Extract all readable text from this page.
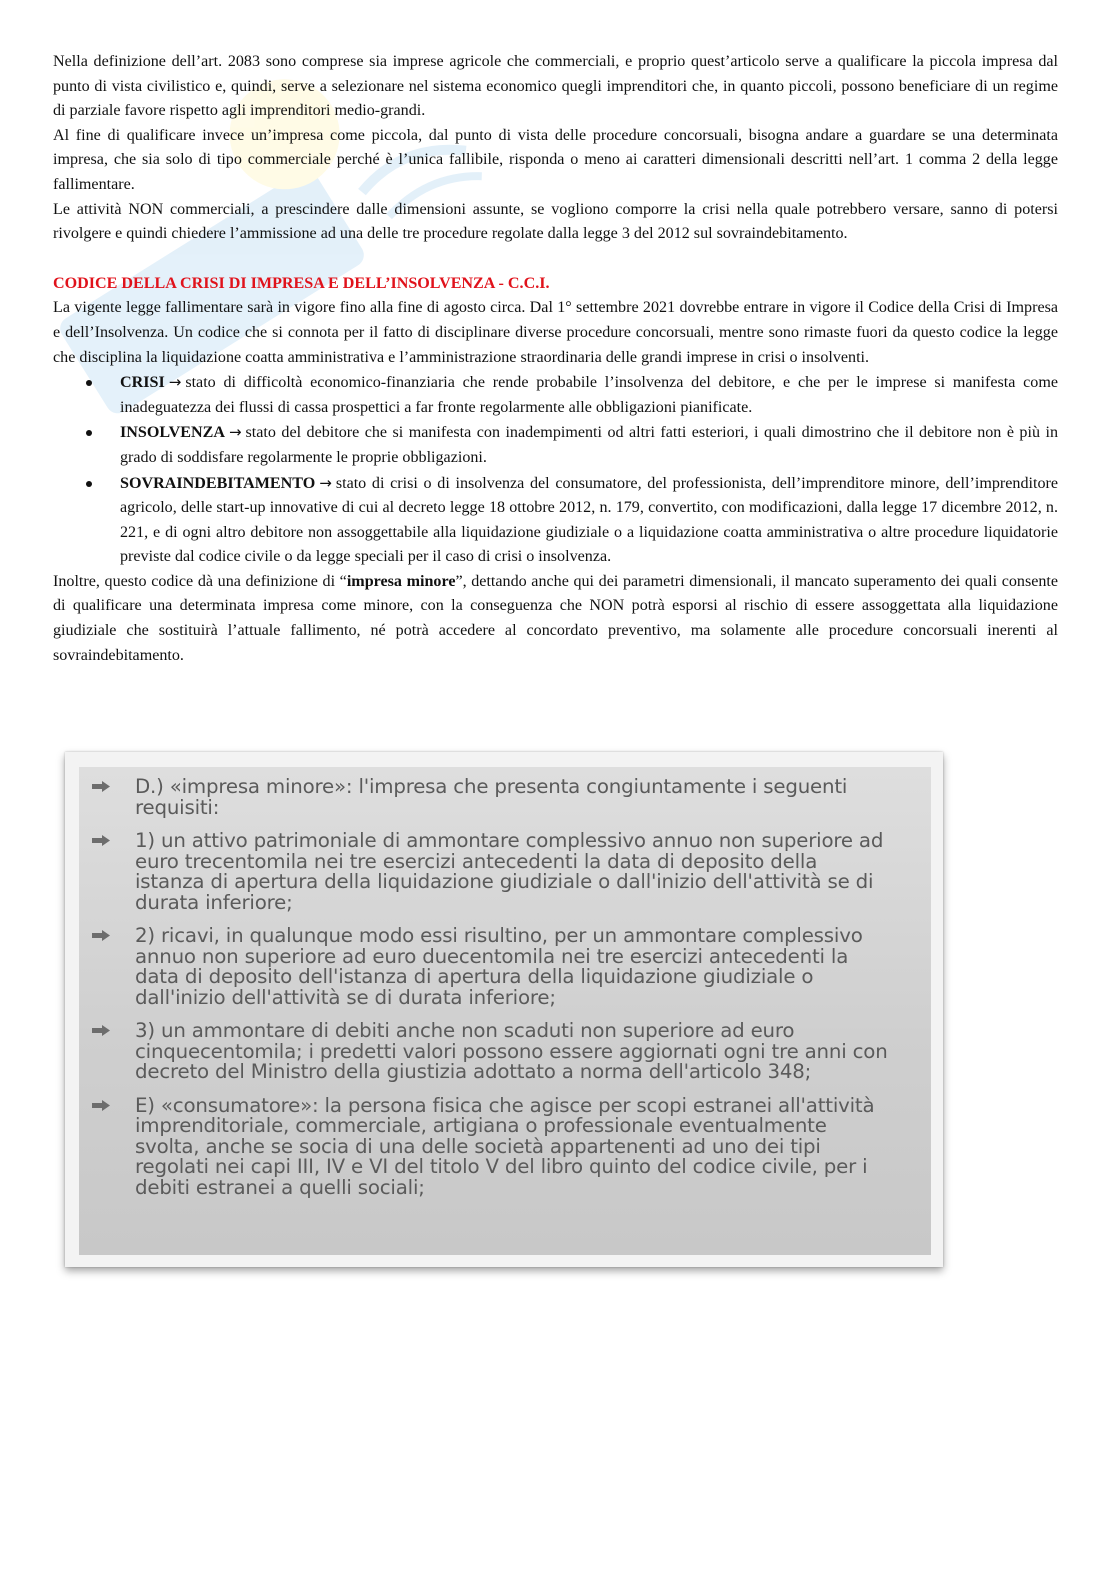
Nella definizione dell’art. 2083 sono comprese sia imprese agricole che commerciali, e proprio quest’articolo serve a qualificare la piccola impresa dal punto di vista civilistico e, quindi, serve a selezionare nel sistema economico quegli imprenditori che, in quanto piccoli, possono beneficiare di un regime di parziale favore rispetto agli imprenditori medio-grandi.

Al fine di qualificare invece un’impresa come piccola, dal punto di vista delle procedure concorsuali, bisogna andare a guardare se una determinata impresa, che sia solo di tipo commerciale perché è l’unica fallibile, risponda o meno ai caratteri dimensionali descritti nell’art. 1 comma 2 della legge fallimentare.

Le attività NON commerciali, a prescindere dalle dimensioni assunte, se vogliono comporre la crisi nella quale potrebbero versare, sanno di potersi rivolgere e quindi chiedere l’ammissione ad una delle tre procedure regolate dalla legge 3 del 2012 sul sovraindebitamento.

CODICE DELLA CRISI DI IMPRESA E DELL’INSOLVENZA - C.C.I.

La vigente legge fallimentare sarà in vigore fino alla fine di agosto circa. Dal 1° settembre 2021 dovrebbe entrare in vigore il Codice della Crisi di Impresa e dell’Insolvenza. Un codice che si connota per il fatto di disciplinare diverse procedure concorsuali, mentre sono rimaste fuori da questo codice la legge che disciplina la liquidazione coatta amministrativa e l’amministrazione straordinaria delle grandi imprese in crisi o insolventi.

CRISI → stato di difficoltà economico-finanziaria che rende probabile l’insolvenza del debitore, e che per le imprese si manifesta come inadeguatezza dei flussi di cassa prospettici a far fronte regolarmente alle obbligazioni pianificate.
INSOLVENZA → stato del debitore che si manifesta con inadempimenti od altri fatti esteriori, i quali dimostrino che il debitore non è più in grado di soddisfare regolarmente le proprie obbligazioni.
SOVRAINDEBITAMENTO → stato di crisi o di insolvenza del consumatore, del professionista, dell’imprenditore minore, dell’imprenditore agricolo, delle start-up innovative di cui al decreto legge 18 ottobre 2012, n. 179, convertito, con modificazioni, dalla legge 17 dicembre 2012, n. 221, e di ogni altro debitore non assoggettabile alla liquidazione giudiziale o a liquidazione coatta amministrativa o altre procedure liquidatorie previste dal codice civile o da legge speciali per il caso di crisi o insolvenza.

Inoltre, questo codice dà una definizione di “impresa minore”, dettando anche qui dei parametri dimensionali, il mancato superamento dei quali consente di qualificare una determinata impresa come minore, con la conseguenza che NON potrà esporsi al rischio di essere assoggettata alla liquidazione giudiziale che sostituirà l’attuale fallimento, né potrà accedere al concordato preventivo, ma solamente alle procedure concorsuali inerenti al sovraindebitamento.

D.) «impresa minore»: l'impresa che presenta congiuntamente i seguenti requisiti:
1) un attivo patrimoniale di ammontare complessivo annuo non superiore ad euro trecentomila nei tre esercizi antecedenti la data di deposito della istanza di apertura della liquidazione giudiziale o dall'inizio dell'attività se di durata inferiore;
2) ricavi, in qualunque modo essi risultino, per un ammontare complessivo annuo non superiore ad euro duecentomila nei tre esercizi antecedenti la data di deposito dell'istanza di apertura della liquidazione giudiziale o dall'inizio dell'attività se di durata inferiore;
3) un ammontare di debiti anche non scaduti non superiore ad euro cinquecentomila; i predetti valori possono essere aggiornati ogni tre anni con decreto del Ministro della giustizia adottato a norma dell'articolo 348;
E) «consumatore»: la persona fisica che agisce per scopi estranei all'attività imprenditoriale, commerciale, artigiana o professionale eventualmente svolta, anche se socia di una delle società appartenenti ad uno dei tipi regolati nei capi III, IV e VI del titolo V del libro quinto del codice civile, per i debiti estranei a quelli sociali;
